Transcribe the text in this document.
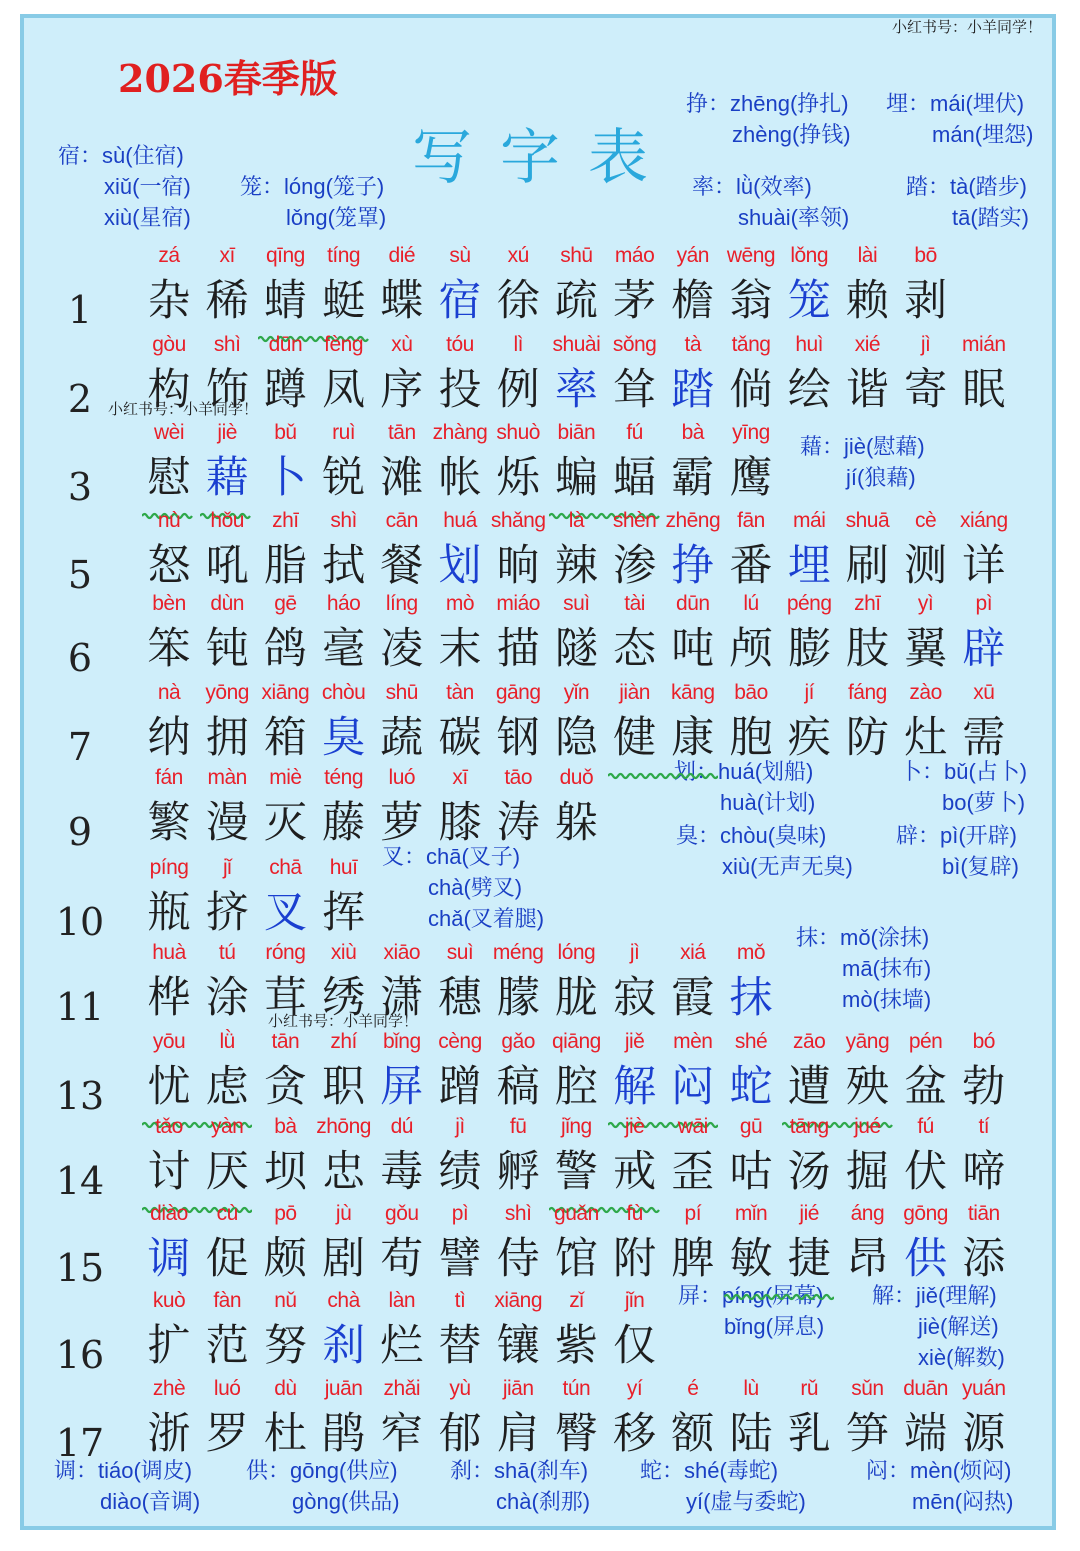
小红书号：小羊同学！
小红书号：小羊同学！
小红书号：小羊同学！
2026春季版
写字表
宿：sù(住宿)
xiǔ(一宿)
xiù(星宿)
笼：lóng(笼子)
lǒng(笼罩)
挣：zhēng(挣扎)
zhèng(挣钱)
埋：mái(埋伏)
mán(埋怨)
率：lǜ(效率)
shuài(率领)
踏：tà(踏步)
tā(踏实)
藉：jiè(慰藉)
jí(狼藉)
划：huá(划船)
huà(计划)
卜：bǔ(占卜)
bo(萝卜)
臭：chòu(臭味)
xiù(无声无臭)
辟：pì(开辟)
bì(复辟)
叉：chā(叉子)
chà(劈叉)
chǎ(叉着腿)
抹：mǒ(涂抹)
mā(抹布)
mò(抹墙)
屏：píng(屏幕)
bǐng(屏息)
解：jiě(理解)
jiè(解送)
xiè(解数)
调：tiáo(调皮)
diào(音调)
供：gōng(供应)
gòng(供品)
刹：shā(刹车)
chà(刹那)
蛇：shé(毒蛇)
yí(虚与委蛇)
闷：mèn(烦闷)
mēn(闷热)
1
zá
杂
xī
稀
qīng
蜻
tíng
蜓
dié
蝶
sù
宿
xú
徐
shū
疏
máo
茅
yán
檐
wēng
翁
lǒng
笼
lài
赖
bō
剥
2
gòu
构
shì
饰
dūn
蹲
fèng
凤
xù
序
tóu
投
lì
例
shuài
率
sǒng
耸
tà
踏
tǎng
倘
huì
绘
xié
谐
jì
寄
mián
眠
3
wèi
慰
jiè
藉
bǔ
卜
ruì
锐
tān
滩
zhàng
帐
shuò
烁
biān
蝙
fú
蝠
bà
霸
yīng
鹰
5
nù
怒
hǒu
吼
zhī
脂
shì
拭
cān
餐
huá
划
shǎng
晌
là
辣
shèn
渗
zhēng
挣
fān
番
mái
埋
shuā
刷
cè
测
xiáng
详
6
bèn
笨
dùn
钝
gē
鸽
háo
毫
líng
凌
mò
末
miáo
描
suì
隧
tài
态
dūn
吨
lú
颅
péng
膨
zhī
肢
yì
翼
pì
辟
7
nà
纳
yōng
拥
xiāng
箱
chòu
臭
shū
蔬
tàn
碳
gāng
钢
yǐn
隐
jiàn
健
kāng
康
bāo
胞
jí
疾
fáng
防
zào
灶
xū
需
9
fán
繁
màn
漫
miè
灭
téng
藤
luó
萝
xī
膝
tāo
涛
duǒ
躲
10
píng
瓶
jǐ
挤
chā
叉
huī
挥
11
huà
桦
tú
涂
róng
茸
xiù
绣
xiāo
潇
suì
穗
méng
朦
lóng
胧
jì
寂
xiá
霞
mǒ
抹
13
yōu
忧
lǜ
虑
tān
贪
zhí
职
bǐng
屏
cèng
蹭
gǎo
稿
qiāng
腔
jiě
解
mèn
闷
shé
蛇
zāo
遭
yāng
殃
pén
盆
bó
勃
14
tǎo
讨
yàn
厌
bà
坝
zhōng
忠
dú
毒
jì
绩
fū
孵
jǐng
警
jiè
戒
wāi
歪
gū
咕
tāng
汤
jué
掘
fú
伏
tí
啼
15
diào
调
cù
促
pō
颇
jù
剧
gǒu
苟
pì
譬
shì
侍
guǎn
馆
fù
附
pí
脾
mǐn
敏
jié
捷
áng
昂
gōng
供
tiān
添
16
kuò
扩
fàn
范
nǔ
努
chà
刹
làn
烂
tì
替
xiāng
镶
zǐ
紫
jǐn
仅
17
zhè
浙
luó
罗
dù
杜
juān
鹃
zhǎi
窄
yù
郁
jiān
肩
tún
臀
yí
移
é
额
lù
陆
rǔ
乳
sǔn
笋
duān
端
yuán
源
